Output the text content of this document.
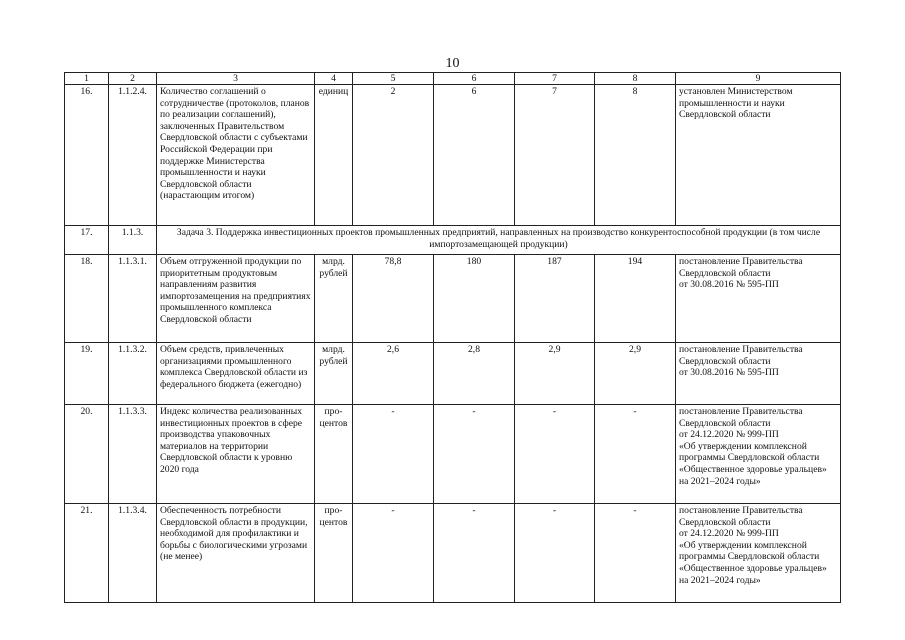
10
1	2	3	4	5	6	7	8	9
16.	1.1.2.4.	Количество соглашений о сотрудничестве (протоколов, планов по реализации соглашений), заключенных Правительством Свердловской области с субъектами Российской Федерации при поддержке Министерства промышленности и науки Свердловской области (нарастающим итогом)	единиц	2	6	7	8	установлен Министерством промышленности и науки Свердловской области
17.	1.1.3.	Задача 3. Поддержка инвестиционных проектов промышленных предприятий, направленных на производство конкурентоспособной продукции (в том числе импортозамещающей продукции)						
18.	1.1.3.1.	Объем отгруженной продукции по приоритетным продуктовым направлениям развития импортозамещения на предприятиях промышленного комплекса Свердловской области	млрд.
рублей	78,8	180	187	194	постановление Правительства Свердловской области
от 30.08.2016 № 595-ПП
19.	1.1.3.2.	Объем средств, привлеченных организациями промышленного комплекса Свердловской области из федерального бюджета (ежегодно)	млрд.
рублей	2,6	2,8	2,9	2,9	постановление Правительства Свердловской области
от 30.08.2016 № 595-ПП
20.	1.1.3.3.	Индекс количества реализованных инвестиционных проектов в сфере производства упаковочных материалов на территории Свердловской области к уровню 2020 года	про-
центов	-	-	-	-	постановление Правительства Свердловской области
от 24.12.2020 № 999-ПП
«Об утверждении комплексной программы Свердловской области «Общественное здоровье уральцев» на 2021–2024 годы»
21.	1.1.3.4.	Обеспеченность потребности Свердловской области в продукции, необходимой для профилактики и борьбы с биологическими угрозами
(не менее)	про-
центов	-	-	-	-	постановление Правительства Свердловской области
от 24.12.2020 № 999-ПП
«Об утверждении комплексной программы Свердловской области «Общественное здоровье уральцев» на 2021–2024 годы»
